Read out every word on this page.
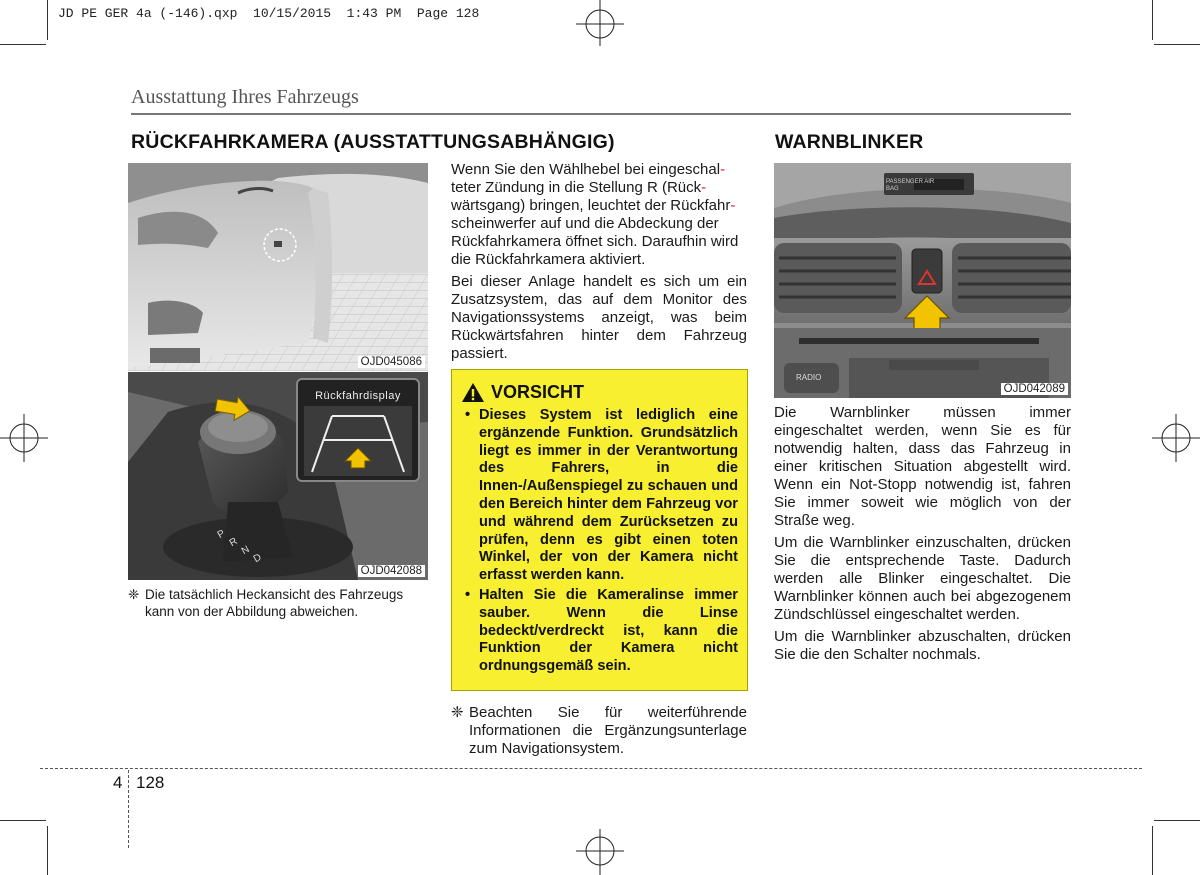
JD PE GER 4a (-146).qxp  10/15/2015  1:43 PM  Page 128
Ausstattung Ihres Fahrzeugs
RÜCKFAHRKAMERA (AUSSTATTUNGSABHÄNGIG)
OJD045086
P
R
N
D
Rückfahrdisplay
OJD042088
❈ Die tatsächlich Heckansicht des Fahrzeugs kann von der Abbildung abweichen.

Wenn Sie den Wählhebel bei eingeschal-
teter Zündung in die Stellung R (Rück-
wärtsgang) bringen, leuchtet der Rückfahr-
scheinwerfer auf und die Abdeckung der
Rückfahrkamera öffnet sich. Daraufhin wird
die Rückfahrkamera aktiviert.

Bei dieser Anlage handelt es sich um ein Zusatzsystem, das auf dem Monitor des Navigationssystems anzeigt, was beim Rückwärtsfahren hinter dem Fahrzeug passiert.

VORSICHT
• Dieses System ist lediglich eine ergänzende Funktion. Grundsätzlich liegt es immer in der Verantwortung des Fahrers, in die Innen-/Außenspiegel zu schauen und den Bereich hinter dem Fahrzeug vor und während dem Zurücksetzen zu prüfen, denn es gibt einen toten Winkel, der von der Kamera nicht erfasst werden kann.
• Halten Sie die Kameralinse immer sauber. Wenn die Linse bedeckt/verdreckt ist, kann die Funktion der Kamera nicht ordnungsgemäß sein.
❈ Beachten Sie für weiterführende Informationen die Ergänzungsunterlage zum Navigationsystem.
WARNBLINKER
PASSENGER AIR BAG
RADIO
OJD042089

Die Warnblinker müssen immer eingeschaltet werden, wenn Sie es für notwendig halten, dass das Fahrzeug in einer kritischen Situation abgestellt wird. Wenn ein Not-Stopp notwendig ist, fahren Sie immer soweit wie möglich von der Straße weg.

Um die Warnblinker einzuschalten, drücken Sie die entsprechende Taste. Dadurch werden alle Blinker eingeschaltet. Die Warnblinker können auch bei abgezogenem Zündschlüssel eingeschaltet werden.

Um die Warnblinker abzuschalten, drücken Sie die den Schalter nochmals.

4 128
